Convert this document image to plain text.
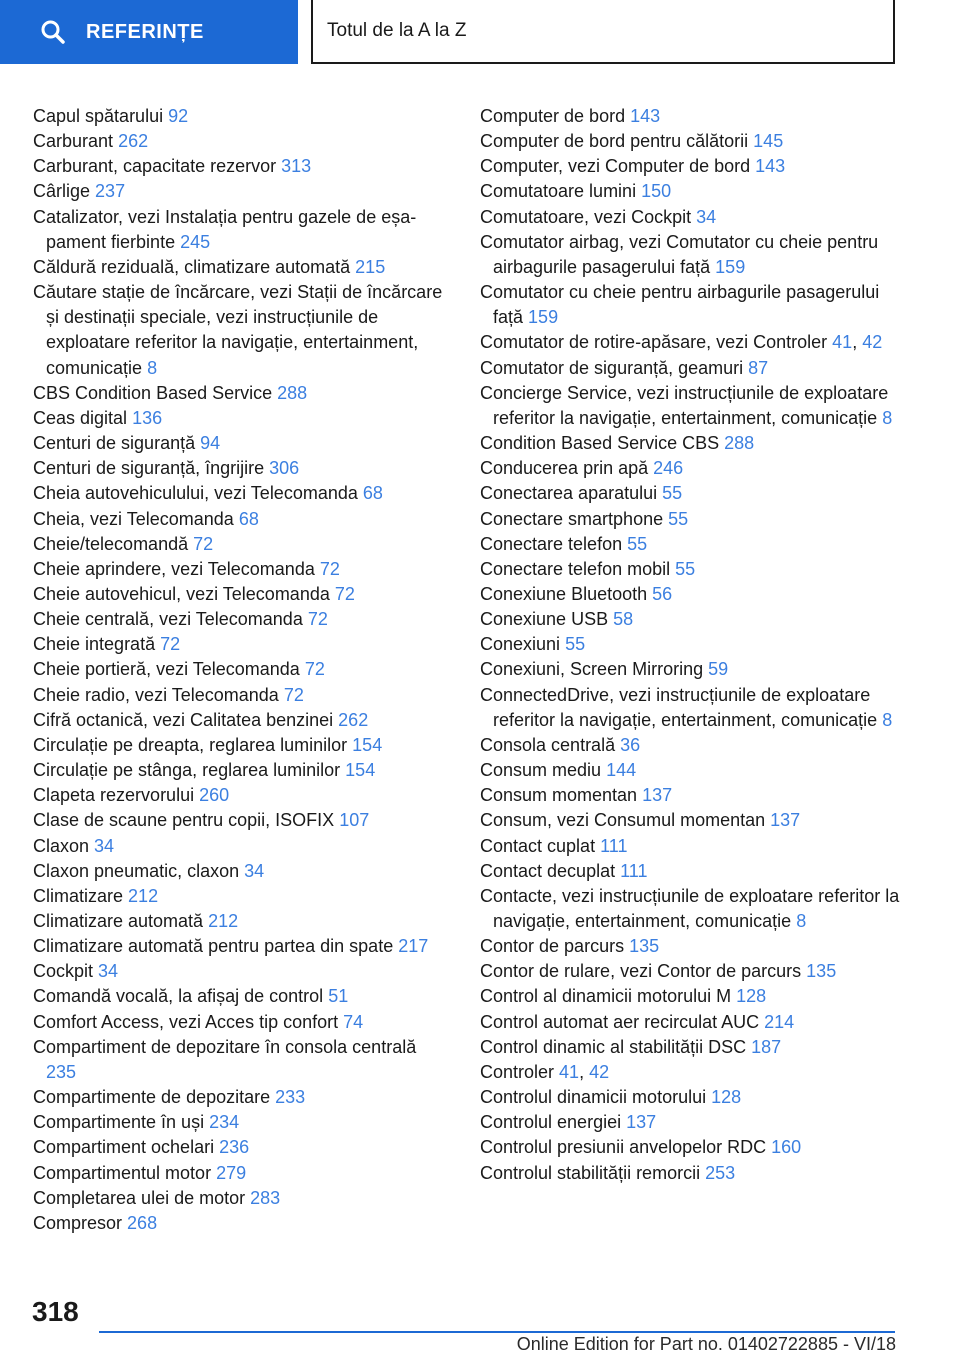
REFERINȚE	Totul de la A la Z

Capul spătarului 92

Carburant 262

Carburant, capacitate rezervor 313

Cârlige 237

Catalizator, vezi Instalația pentru gazele de eșapament fierbinte 245

Căldură reziduală, climatizare automată 215

Căutare stație de încărcare, vezi Stații de încărcare și destinații speciale, vezi instrucțiunile de exploatare referitor la navigație, entertainment, comunicație 8

CBS Condition Based Service 288

Ceas digital 136

Centuri de siguranță 94

Centuri de siguranță, îngrijire 306

Cheia autovehiculului, vezi Telecomanda 68

Cheia, vezi Telecomanda 68

Cheie/telecomandă 72

Cheie aprindere, vezi Telecomanda 72

Cheie autovehicul, vezi Telecomanda 72

Cheie centrală, vezi Telecomanda 72

Cheie integrată 72

Cheie portieră, vezi Telecomanda 72

Cheie radio, vezi Telecomanda 72

Cifră octanică, vezi Calitatea benzinei 262

Circulație pe dreapta, reglarea luminilor 154

Circulație pe stânga, reglarea luminilor 154

Clapeta rezervorului 260

Clase de scaune pentru copii, ISOFIX 107

Claxon 34

Claxon pneumatic, claxon 34

Climatizare 212

Climatizare automată 212

Climatizare automată pentru partea din spate 217

Cockpit 34

Comandă vocală, la afișaj de control 51

Comfort Access, vezi Acces tip confort 74

Compartiment de depozitare în consola centrală 235

Compartimente de depozitare 233

Compartimente în uși 234

Compartiment ochelari 236

Compartimentul motor 279

Completarea ulei de motor 283

Compresor 268

Computer de bord 143

Computer de bord pentru călătorii 145

Computer, vezi Computer de bord 143

Comutatoare lumini 150

Comutatoare, vezi Cockpit 34

Comutator airbag, vezi Comutator cu cheie pentru airbagurile pasagerului față 159

Comutator cu cheie pentru airbagurile pasagerului față 159

Comutator de rotire-apăsare, vezi Controler 41, 42

Comutator de siguranță, geamuri 87

Concierge Service, vezi instrucțiunile de exploatare referitor la navigație, entertainment, comunicație 8

Condition Based Service CBS 288

Conducerea prin apă 246

Conectarea aparatului 55

Conectare smartphone 55

Conectare telefon 55

Conectare telefon mobil 55

Conexiune Bluetooth 56

Conexiune USB 58

Conexiuni 55

Conexiuni, Screen Mirroring 59

ConnectedDrive, vezi instrucțiunile de exploatare referitor la navigație, entertainment, comunicație 8

Consola centrală 36

Consum mediu 144

Consum momentan 137

Consum, vezi Consumul momentan 137

Contact cuplat 111

Contact decuplat 111

Contacte, vezi instrucțiunile de exploatare referitor la navigație, entertainment, comunicație 8

Contor de parcurs 135

Contor de rulare, vezi Contor de parcurs 135

Control al dinamicii motorului M 128

Control automat aer recirculat AUC 214

Control dinamic al stabilității DSC 187

Controler 41, 42

Controlul dinamicii motorului 128

Controlul energiei 137

Controlul presiunii anvelopelor RDC 160

Controlul stabilității remorcii 253

318
Online Edition for Part no. 01402722885 - VI/18
